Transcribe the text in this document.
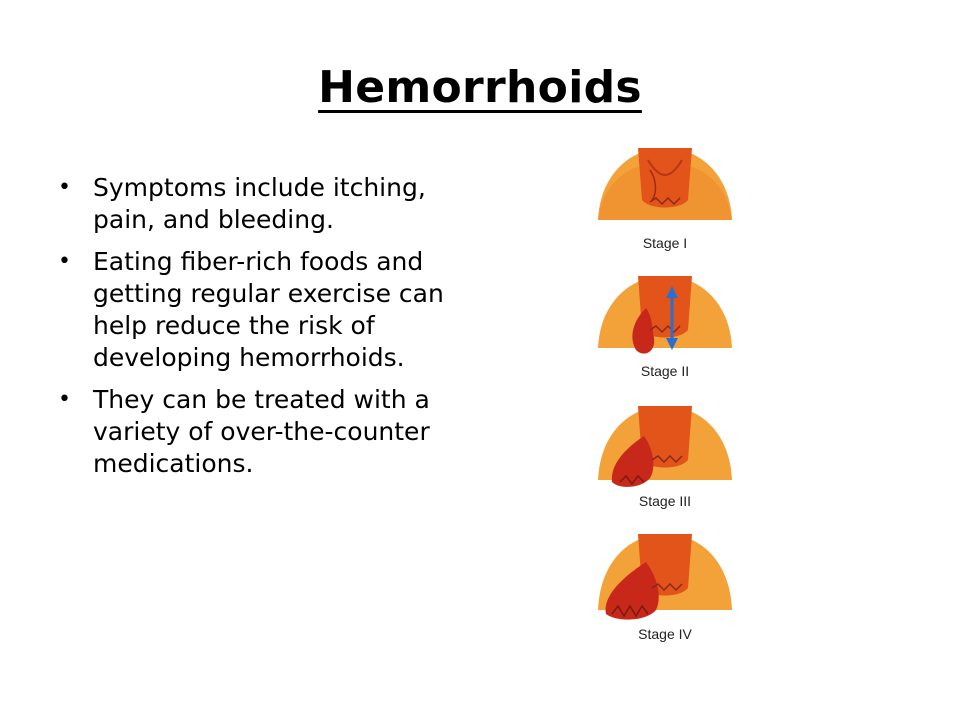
Hemorrhoids
• Symptoms include itching, pain, and bleeding.
• Eating fiber-rich foods and getting regular exercise can help reduce the risk of developing hemorrhoids.
• They can be treated with a variety of over-the-counter medications.
Stage I
Stage II
Stage III
Stage IV
